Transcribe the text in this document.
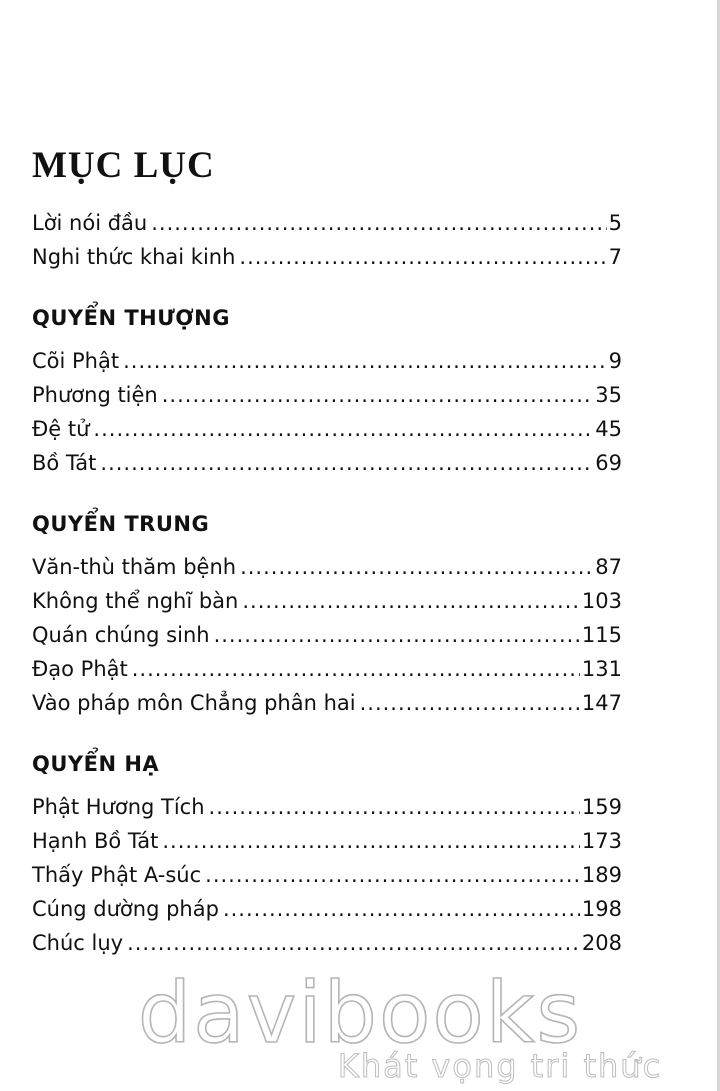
MỤC LỤC
Lời nói đầu .....	5
Nghi thức khai kinh .....	7
QUYỂN THƯỢNG
Cõi Phật .....	9
Phương tiện .....	35
Đệ tử .....	45
Bồ Tát .....	69
QUYỂN TRUNG
Văn-thù thăm bệnh .....	87
Không thể nghĩ bàn .....	103
Quán chúng sinh .....	115
Đạo Phật .....	131
Vào pháp môn Chẳng phân hai .....	147
QUYỂN HẠ
Phật Hương Tích .....	159
Hạnh Bồ Tát .....	173
Thấy Phật A-súc .....	189
Cúng dường pháp .....	198
Chúc lụy .....	208
davibooks
Khát vọng tri thức
